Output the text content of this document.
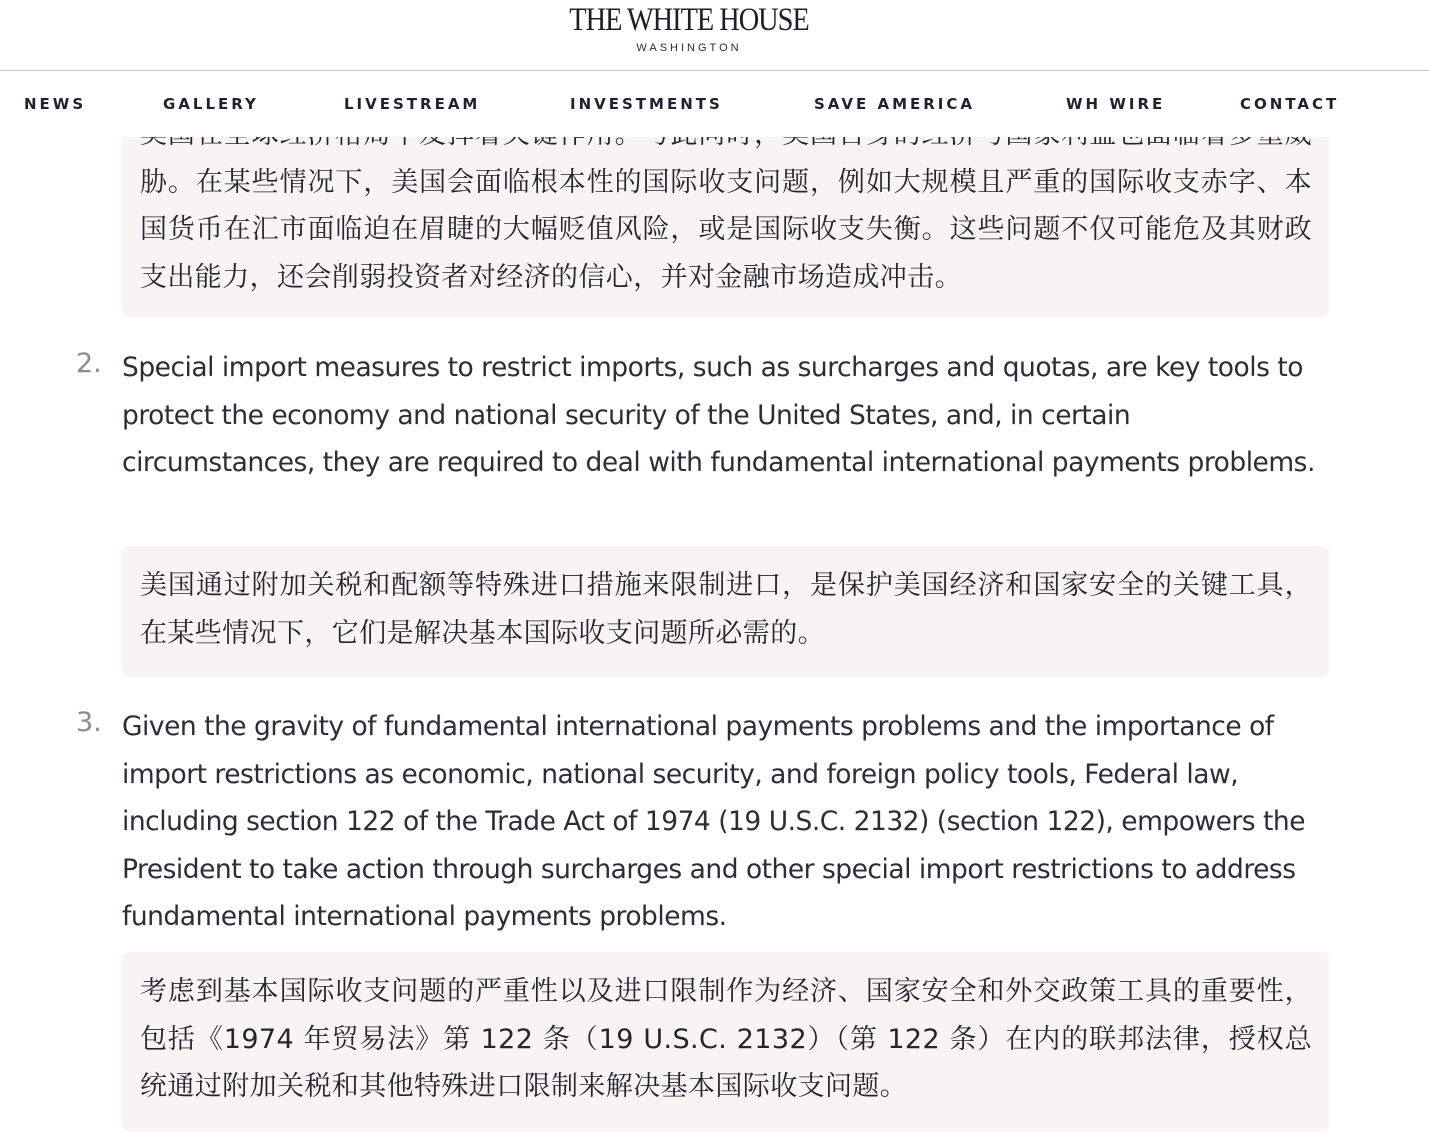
胁。在某些情况下，美国会面临根本性的国际收支问题，例如大规模且严重的国际收支赤字、本国货币在汇市面临迫在眉睫的大幅贬值风险，或是国际收支失衡。这些问题不仅可能危及其财政支出能力，还会削弱投资者对经济的信心，并对金融市场造成冲击。
2. Special import measures to restrict imports, such as surcharges and quotas, are key tools to protect the economy and national security of the United States, and, in certain circumstances, they are required to deal with fundamental international payments problems.
美国通过附加关税和配额等特殊进口措施来限制进口，是保护美国经济和国家安全的关键工具，在某些情况下，它们是解决基本国际收支问题所必需的。
3. Given the gravity of fundamental international payments problems and the importance of import restrictions as economic, national security, and foreign policy tools, Federal law, including section 122 of the Trade Act of 1974 (19 U.S.C. 2132) (section 122), empowers the President to take action through surcharges and other special import restrictions to address fundamental international payments problems.
考虑到基本国际收支问题的严重性以及进口限制作为经济、国家安全和外交政策工具的重要性，包括《1974 年贸易法》第 122 条（19 U.S.C. 2132）（第 122 条）在内的联邦法律，授权总统通过附加关税和其他特殊进口限制来解决基本国际收支问题。
THE WHITE HOUSE
WASHINGTON
NEWS	GALLERY	LIVESTREAM	INVESTMENTS	SAVE AMERICA	WH WIRE	CONTACT
